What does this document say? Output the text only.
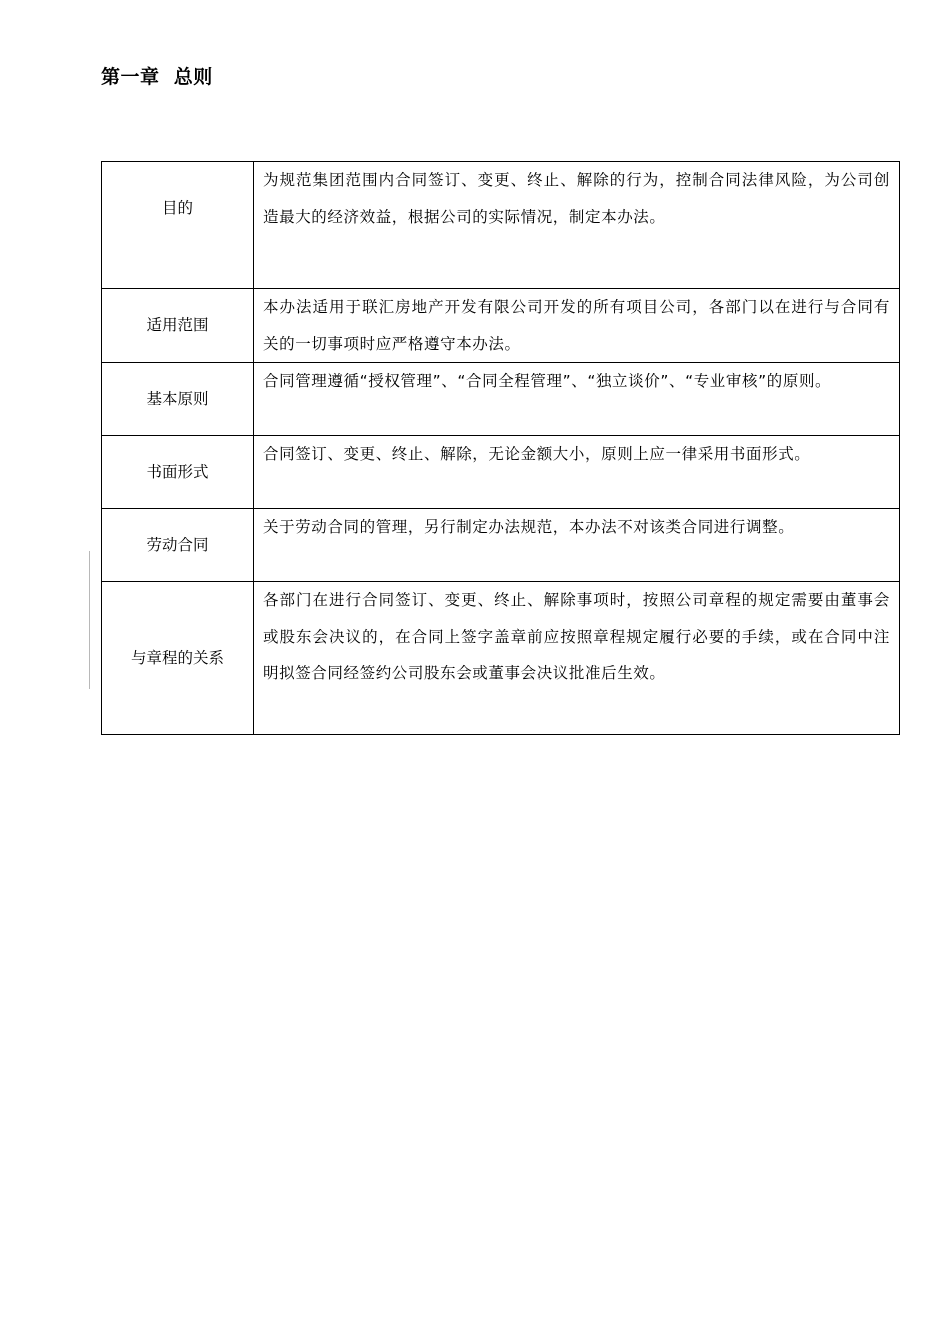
第一章  总则
目的	为规范集团范围内合同签订、变更、终止、解除的行为，控制合同法律风险，为公司创造最大的经济效益，根据公司的实际情况，制定本办法。
适用范围	本办法适用于联汇房地产开发有限公司开发的所有项目公司，各部门以在进行与合同有关的一切事项时应严格遵守本办法。
基本原则	合同管理遵循“授权管理”、“合同全程管理”、“独立谈价”、“专业审核”的原则。
书面形式	合同签订、变更、终止、解除，无论金额大小，原则上应一律采用书面形式。
劳动合同	关于劳动合同的管理，另行制定办法规范，本办法不对该类合同进行调整。
与章程的关系	各部门在进行合同签订、变更、终止、解除事项时，按照公司章程的规定需要由董事会或股东会决议的，在合同上签字盖章前应按照章程规定履行必要的手续，或在合同中注明拟签合同经签约公司股东会或董事会决议批准后生效。
